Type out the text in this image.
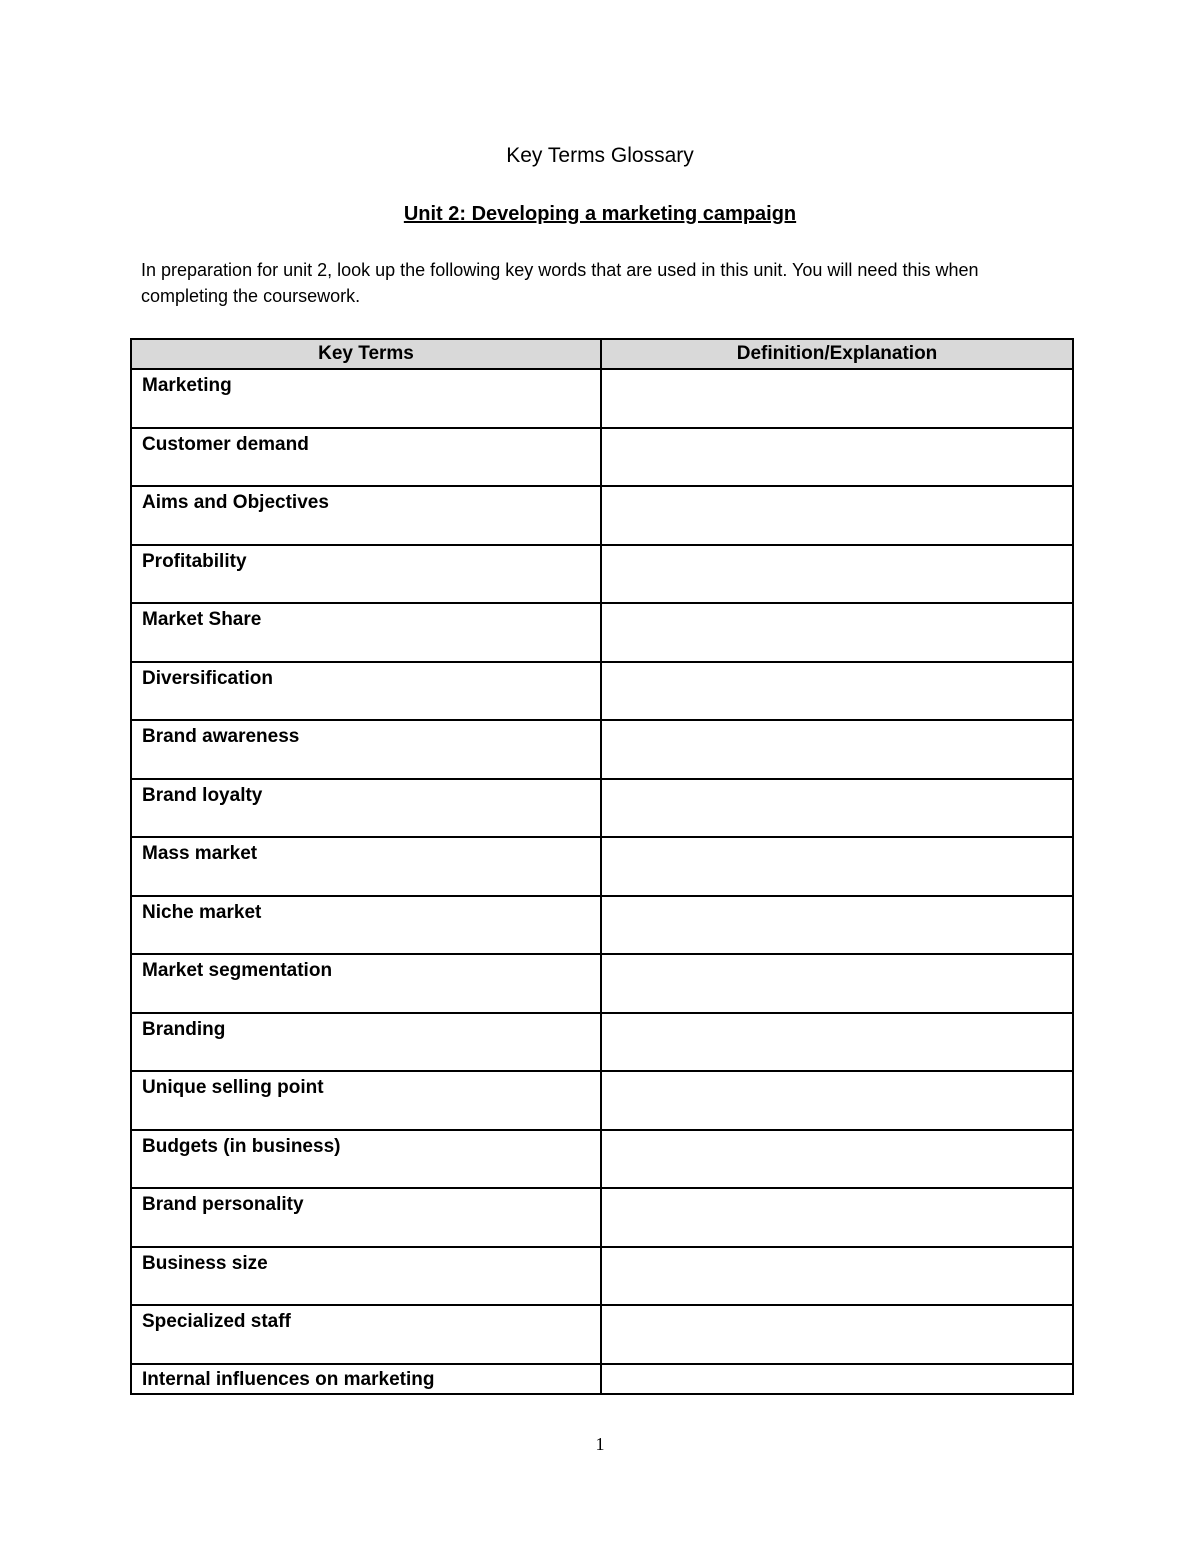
Key Terms Glossary
Unit 2: Developing a marketing campaign
In preparation for unit 2, look up the following key words that are used in this unit. You will need this when completing the coursework.
Key Terms	Definition/Explanation

Marketing	

Customer demand	

Aims and Objectives	

Profitability	

Market Share	

Diversification	

Brand awareness	

Brand loyalty	

Mass market	

Niche market	

Market segmentation	

Branding	

Unique selling point	

Budgets (in business)	

Brand personality	

Business size	

Specialized staff	

Internal influences on marketing	

1
